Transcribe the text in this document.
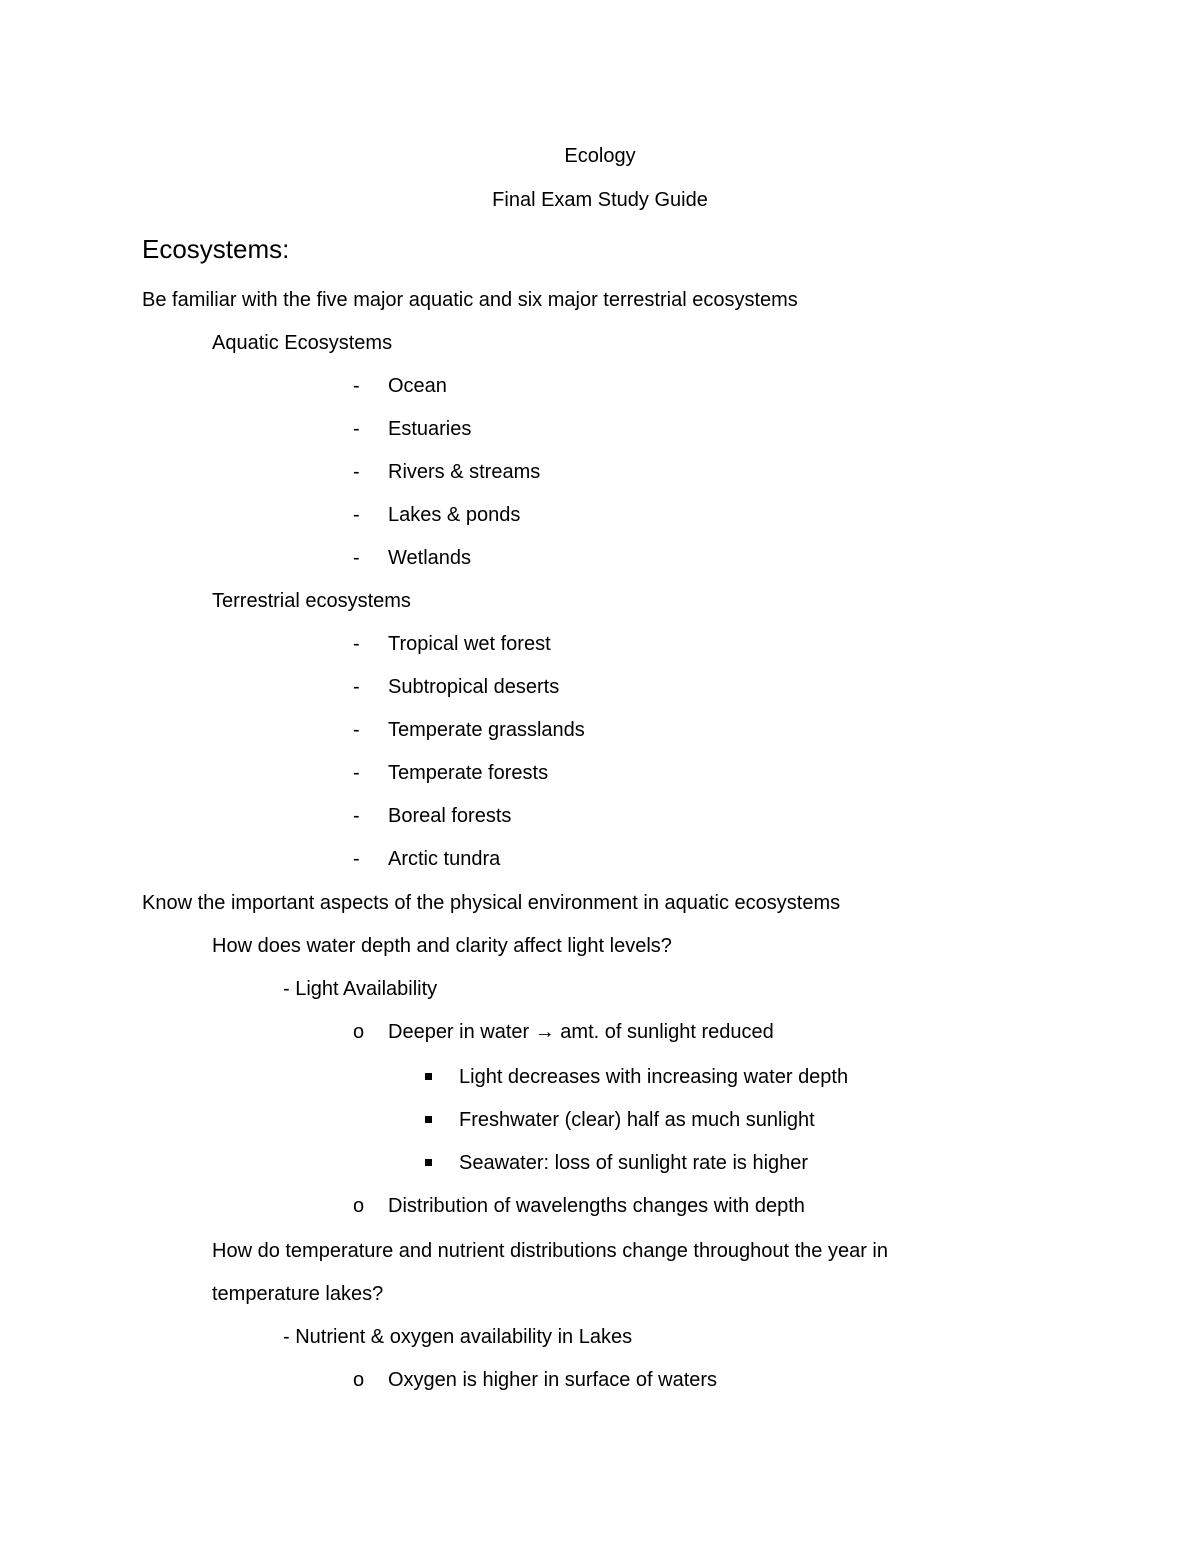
Ecology
Final Exam Study Guide
Ecosystems:
Be familiar with the five major aquatic and six major terrestrial ecosystems
Aquatic Ecosystems
- Ocean
- Estuaries
- Rivers & streams
- Lakes & ponds
- Wetlands
Terrestrial ecosystems
- Tropical wet forest
- Subtropical deserts
- Temperate grasslands
- Temperate forests
- Boreal forests
- Arctic tundra
Know the important aspects of the physical environment in aquatic ecosystems
How does water depth and clarity affect light levels?
- Light Availability
o Deeper in water → amt. of sunlight reduced
Light decreases with increasing water depth
Freshwater (clear) half as much sunlight
Seawater: loss of sunlight rate is higher
o Distribution of wavelengths changes with depth
How do temperature and nutrient distributions change throughout the year in
temperature lakes?
- Nutrient & oxygen availability in Lakes
o Oxygen is higher in surface of waters
